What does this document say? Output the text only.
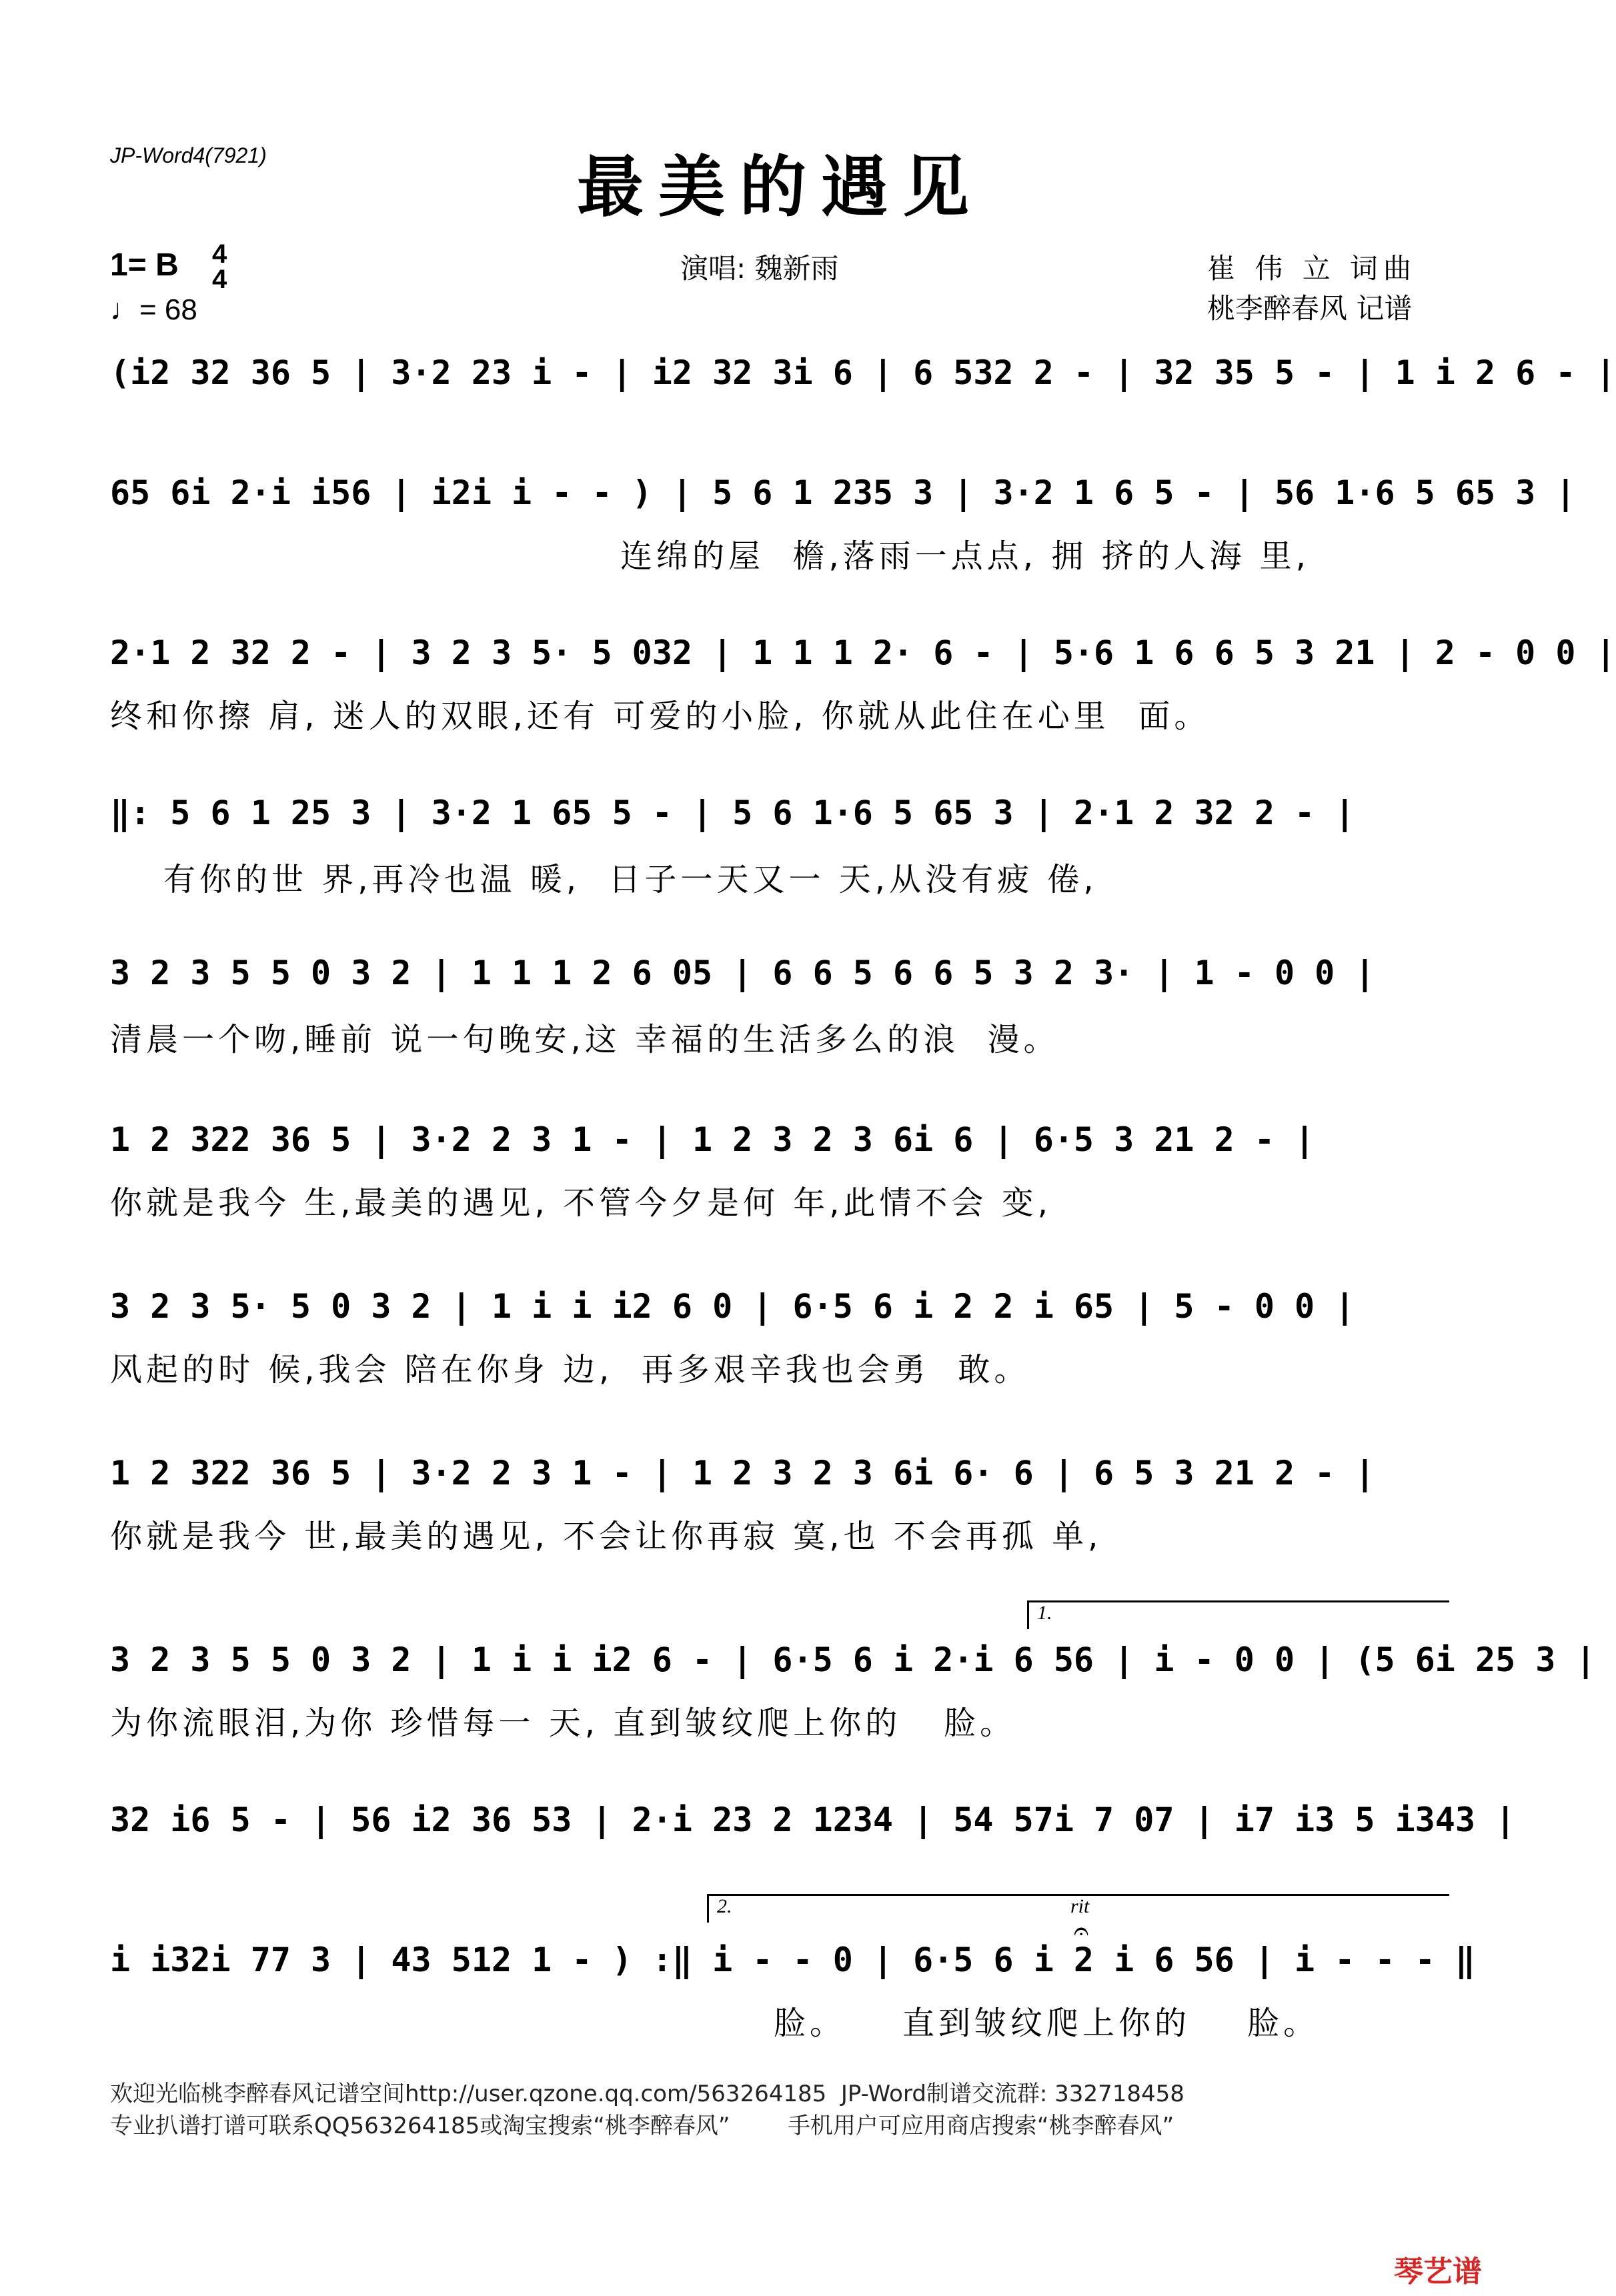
JP-Word4(7921)	最美的遇见
1= B 4
4
♩= 68
演唱: 魏新雨	崔 伟 立 词曲
桃李醉春风 记谱
(i2 32 36 5 | 3·2 23 i - | i2 32 3i 6 | 6 532 2 - | 32 35 5 - | 1 i 2 6 - |
65 6i 2·i i56 | i2i i - - ) | 5 6 1 235 3 | 3·2 1 6 5 - | 56 1·6 5 65 3 |
连绵的屋  檐,落雨一点点, 拥 挤的人海 里,
2·1 2 32 2 - | 3 2 3 5· 5 032 | 1 1 1 2· 6 - | 5·6 1 6 6 5 3 21 | 2 - 0 0 |
终和你擦 肩, 迷人的双眼,还有 可爱的小脸, 你就从此住在心里  面。
‖: 5 6 1 25 3 | 3·2 1 65 5 - | 5 6 1·6 5 65 3 | 2·1 2 32 2 - |
有你的世 界,再冷也温 暖,  日子一天又一 天,从没有疲 倦,
3 2 3 5 5 0 3 2 | 1 1 1 2 6 05 | 6 6 5 6 6 5 3 2 3· | 1 - 0 0 |
清晨一个吻,睡前 说一句晚安,这 幸福的生活多么的浪  漫。
1 2 322 36 5 | 3·2 2 3 1 - | 1 2 3 2 3 6i 6 | 6·5 3 21 2 - |
你就是我今 生,最美的遇见, 不管今夕是何 年,此情不会 变,
3 2 3 5· 5 0 3 2 | 1 i i i2 6 0 | 6·5 6 i 2 2 i 65 | 5 - 0 0 |
风起的时 候,我会 陪在你身 边,  再多艰辛我也会勇  敢。
1 2 322 36 5 | 3·2 2 3 1 - | 1 2 3 2 3 6i 6· 6 | 6 5 3 21 2 - |
你就是我今 世,最美的遇见, 不会让你再寂 寞,也 不会再孤 单,
1.
3 2 3 5 5 0 3 2 | 1 i i i2 6 - | 6·5 6 i 2·i 6 56 | i - 0 0 | (5 6i 25 3 |
为你流眼泪,为你 珍惜每一 天, 直到皱纹爬上你的   脸。
32 i6 5 - | 56 i2 36 53 | 2·i 23 2 1234 | 54 57i 7 07 | i7 i3 5 i343 |
2.	rit
𝄐
i i32i 77 3 | 43 512 1 - ) :‖ i - - 0 | 6·5 6 i 2 i 6 56 | i - - - ‖
脸。    直到皱纹爬上你的    脸。
欢迎光临桃李醉春风记谱空间http://user.qzone.qq.com/563264185  JP-Word制谱交流群: 332718458
专业扒谱打谱可联系QQ563264185或淘宝搜索“桃李醉春风”        手机用户可应用商店搜索“桃李醉春风”
琴艺谱
